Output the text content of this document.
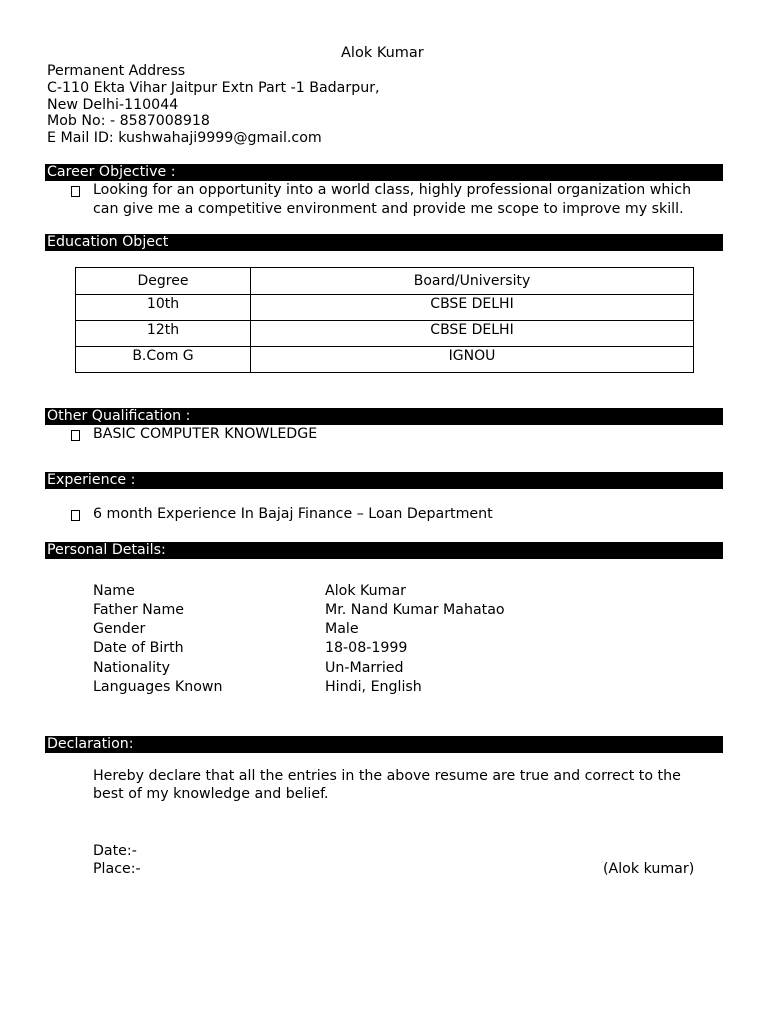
Alok Kumar
Permanent Address
C-110 Ekta Vihar Jaitpur Extn Part -1 Badarpur,
New Delhi-110044
Mob No: - 8587008918
E Mail ID: kushwahaji9999@gmail.com
Career Objective :
Looking for an opportunity into a world class, highly professional organization which
can give me a competitive environment and provide me scope to improve my skill.
Education Object
Degree	Board/University
10th	CBSE DELHI
12th	CBSE DELHI
B.Com G	IGNOU
Other Qualification :
BASIC COMPUTER KNOWLEDGE
Experience :
6 month Experience In Bajaj Finance – Loan Department
Personal Details:
Name	Alok Kumar
Father Name	Mr. Nand Kumar Mahatao
Gender	Male
Date of Birth	18-08-1999
Nationality	Un-Married
Languages Known	Hindi, English
Declaration:
Hereby declare that all the entries in the above resume are true and correct to the
best of my knowledge and belief.
Date:-
Place:-	(Alok kumar)
